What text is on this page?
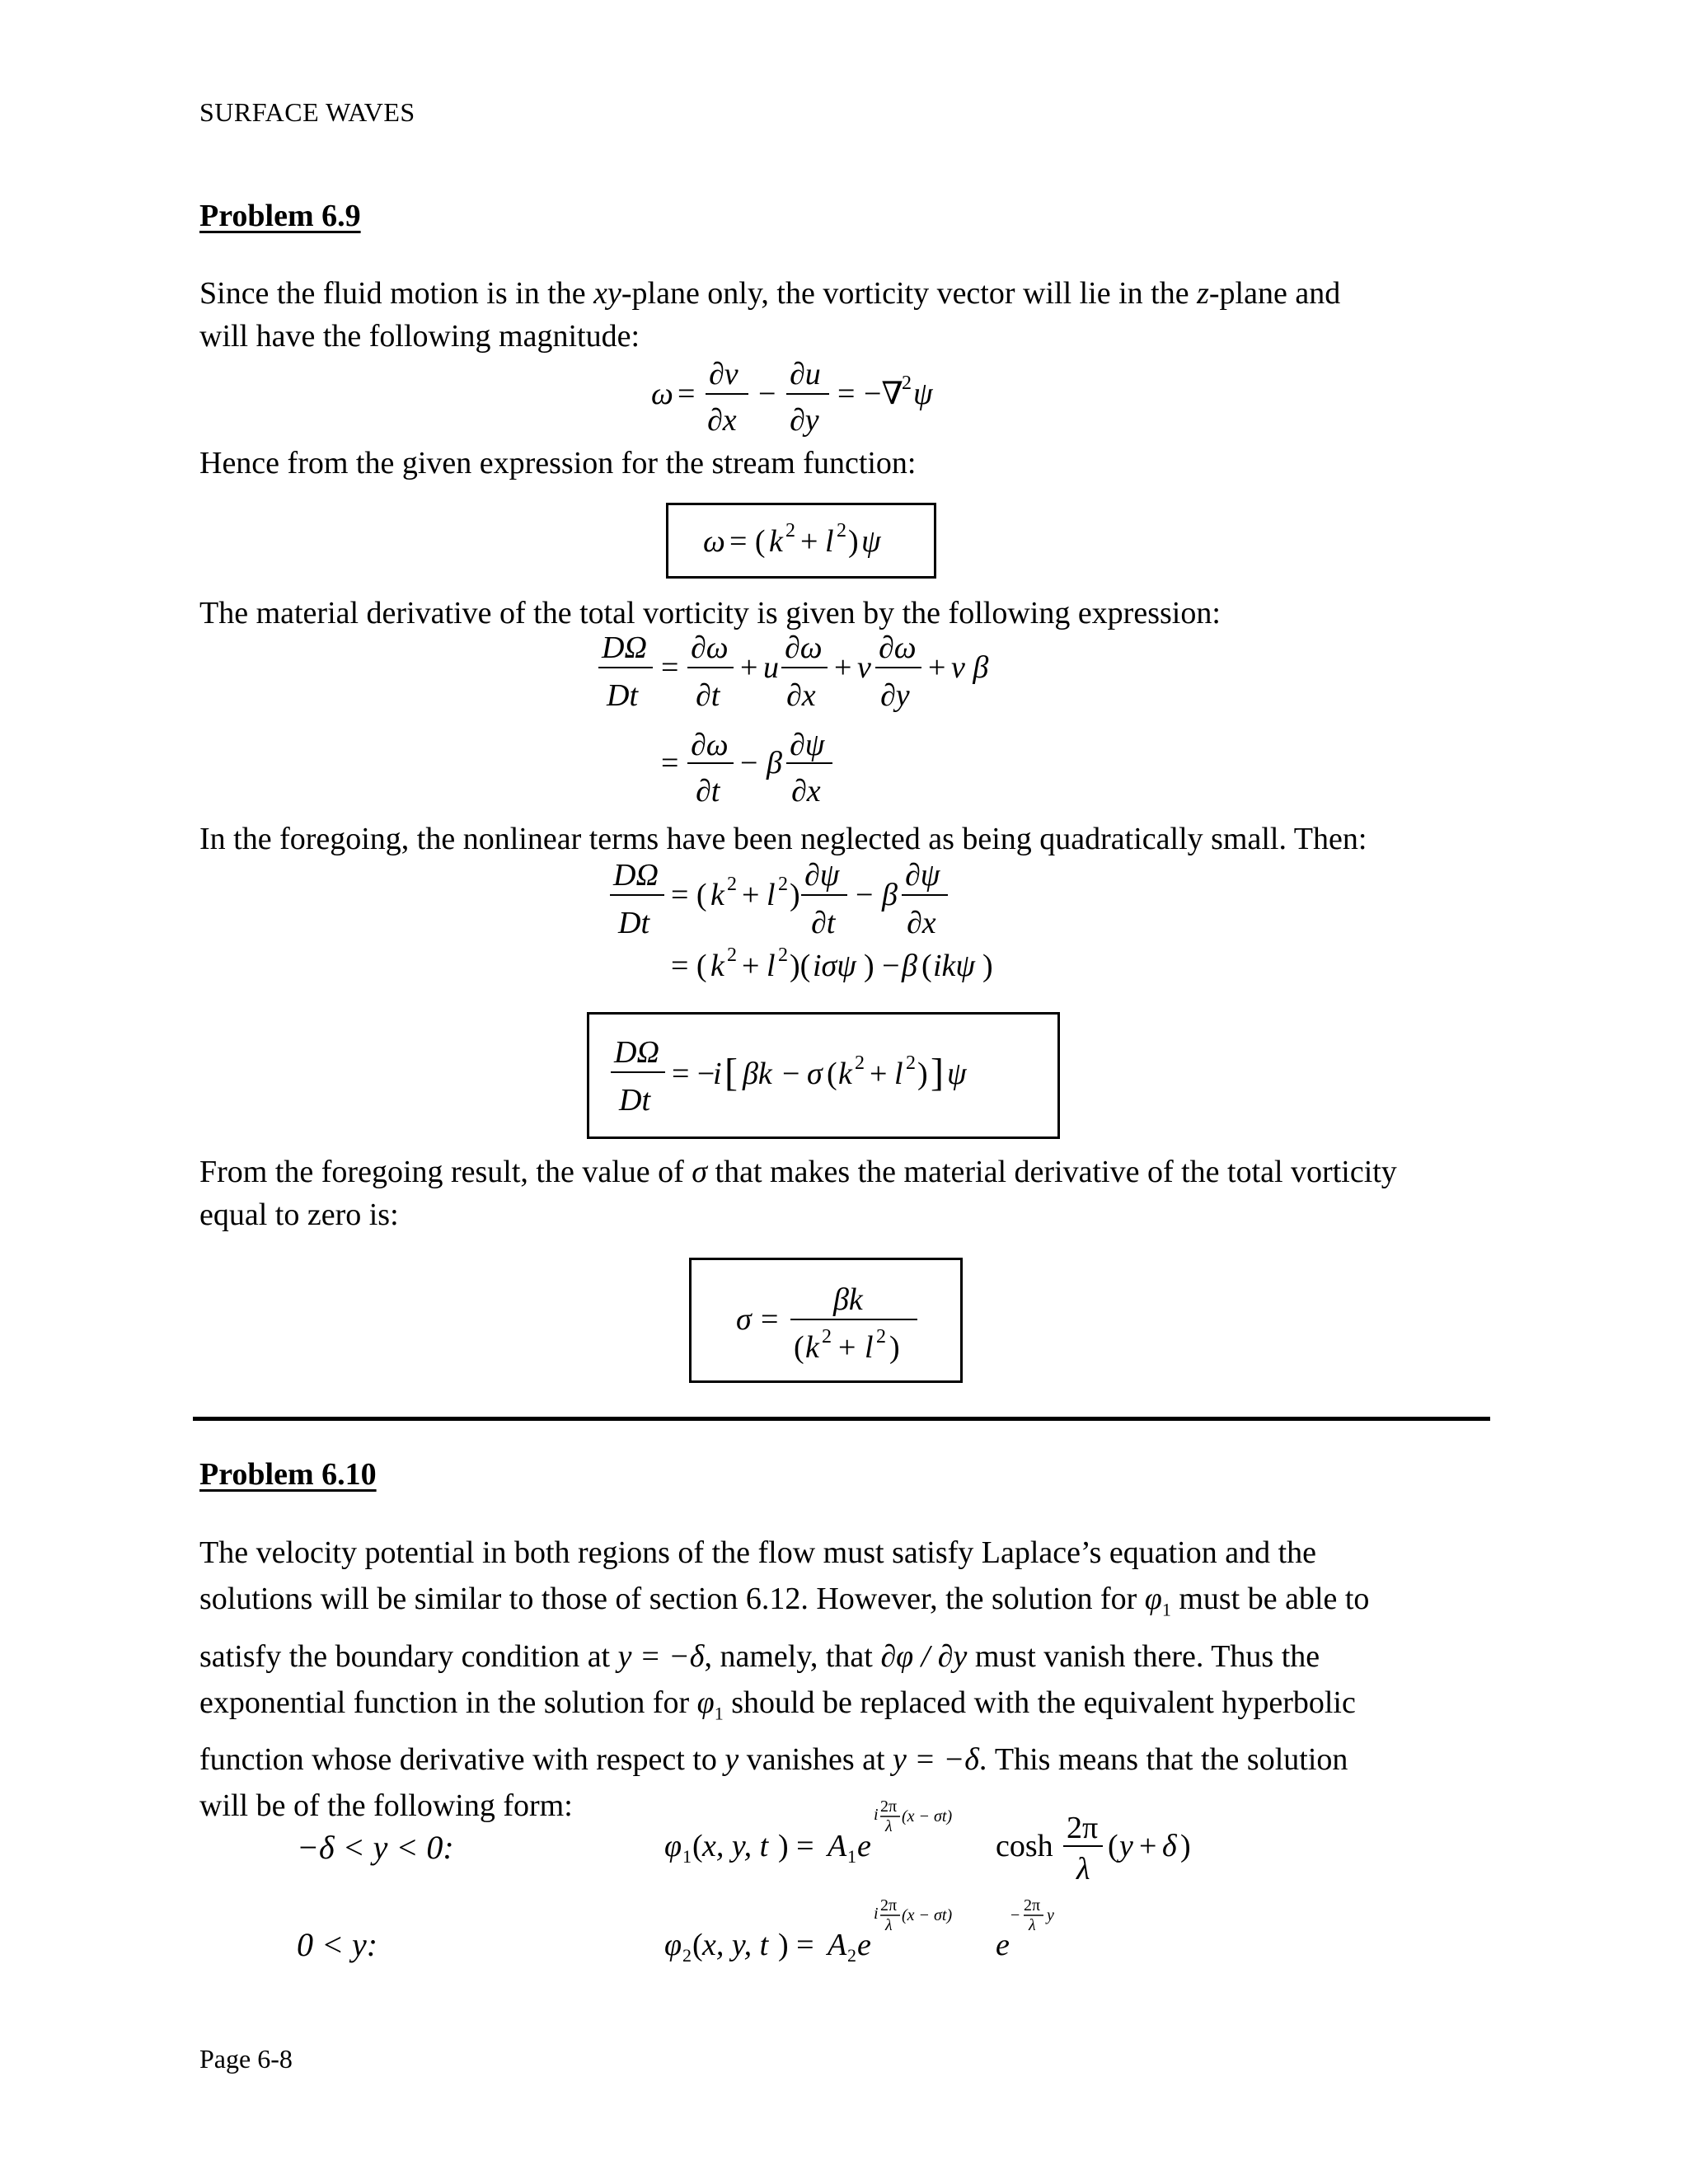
SURFACE WAVES
Problem 6.9
Since the fluid motion is in the xy-plane only, the vorticity vector will lie in the z-plane and
will have the following magnitude:
ω =
∂v
∂x
−
∂u
∂y
= −∇
2 ψ
Hence from the given expression for the stream function:
ω = ( k 2 + l 2 ) ψ
The material derivative of the total vorticity is given by the following expression:
DΩ
Dt
=
∂ω
∂t
+ u
∂ω
∂x
+ v
∂ω
∂y
+ v β
=
∂ω
∂t
− β
∂ψ
∂x
In the foregoing, the nonlinear terms have been neglected as being quadratically small. Then:
DΩ
Dt
= ( k 2 + l 2 )
∂ψ
∂t
− β
∂ψ
∂x
= ( k 2 + l 2 )( iσψ ) − β ( ikψ )
DΩ
Dt
= −
i [ βk − σ ( k 2 + l 2 ) ] ψ
From the foregoing result, the value of σ that makes the material derivative of the total vorticity
equal to zero is:
σ =
βk
( k 2 + l 2 )
Problem 6.10
The velocity potential in both regions of the flow must satisfy Laplace’s equation and the
solutions will be similar to those of section 6.12. However, the solution for $\varphi_1$ must be able to
satisfy the boundary condition at y = −δ, namely, that ∂φ / ∂y must vanish there. Thus the
exponential function in the solution for $\varphi_1$ should be replaced with the equivalent hyperbolic
function whose derivative with respect to y vanishes at y = −δ. This means that the solution
will be of the following form:
−δ < y < 0:
0 < y:
φ 1 ( x, y, t ) = A 1 e
i 2π
λ
(x − σt)
cosh
2π
λ
( y + δ )
φ 2 ( x, y, t ) = A 2 e
i 2π
λ
(x − σt)
e
−
2π
λ
y
Page 6-8
